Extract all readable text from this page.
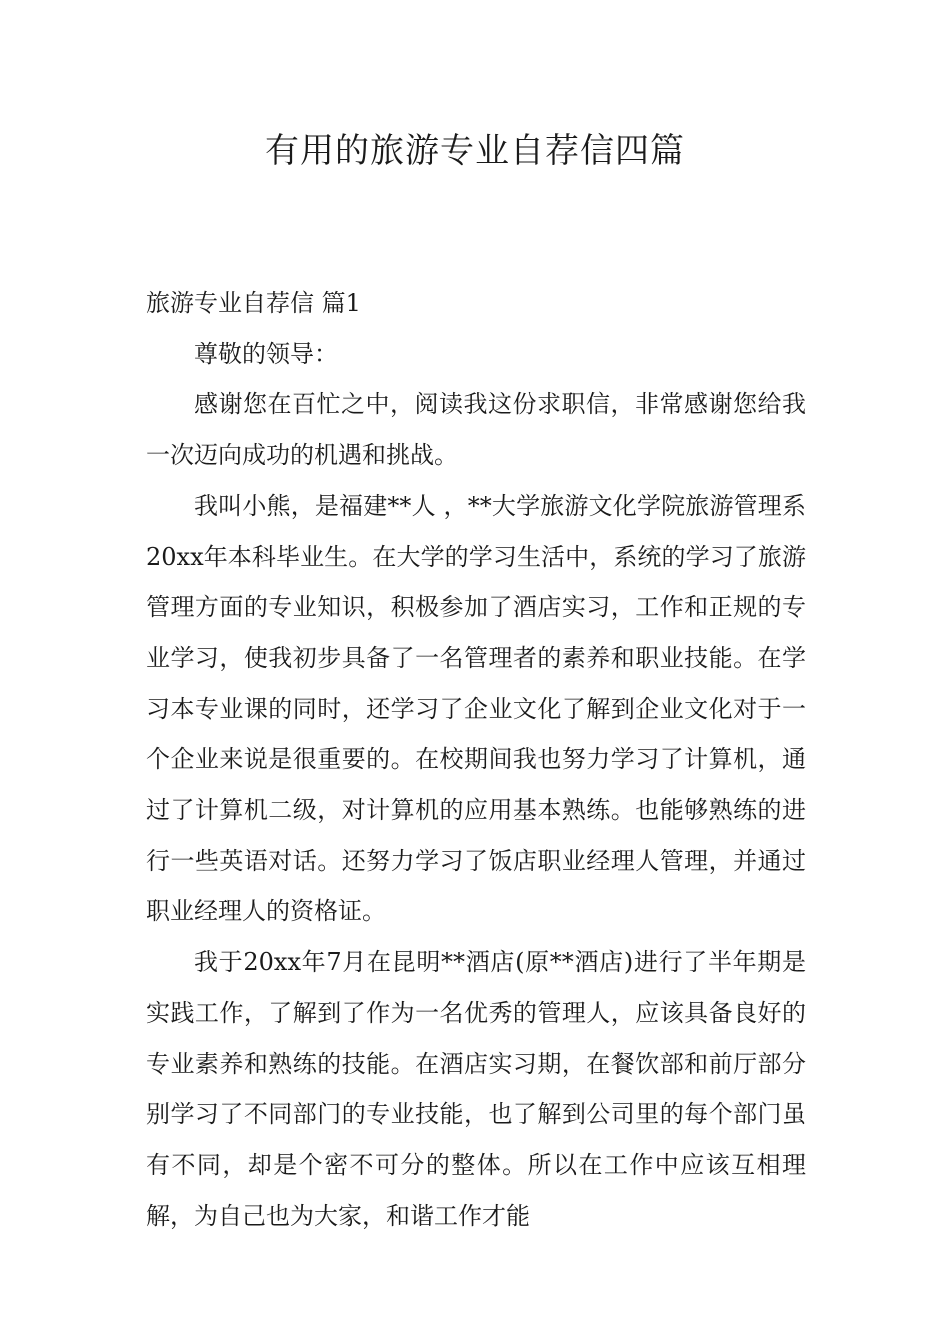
有用的旅游专业自荐信四篇

旅游专业自荐信 篇1

尊敬的领导：

感谢您在百忙之中，阅读我这份求职信，非常感谢您给我一次迈向成功的机遇和挑战。

我叫小熊，是福建**人 ，**大学旅游文化学院旅游管理系20xx年本科毕业生。在大学的学习生活中，系统的学习了旅游管理方面的专业知识，积极参加了酒店实习，工作和正规的专业学习，使我初步具备了一名管理者的素养和职业技能。在学习本专业课的同时，还学习了企业文化了解到企业文化对于一个企业来说是很重要的。在校期间我也努力学习了计算机，通过了计算机二级，对计算机的应用基本熟练。也能够熟练的进行一些英语对话。还努力学习了饭店职业经理人管理，并通过职业经理人的资格证。

我于20xx年7月在昆明**酒店(原**酒店)进行了半年期是实践工作，了解到了作为一名优秀的管理人，应该具备良好的专业素养和熟练的技能。在酒店实习期，在餐饮部和前厅部分别学习了不同部门的专业技能，也了解到公司里的每个部门虽有不同，却是个密不可分的整体。所以在工作中应该互相理解，为自己也为大家，和谐工作才能
